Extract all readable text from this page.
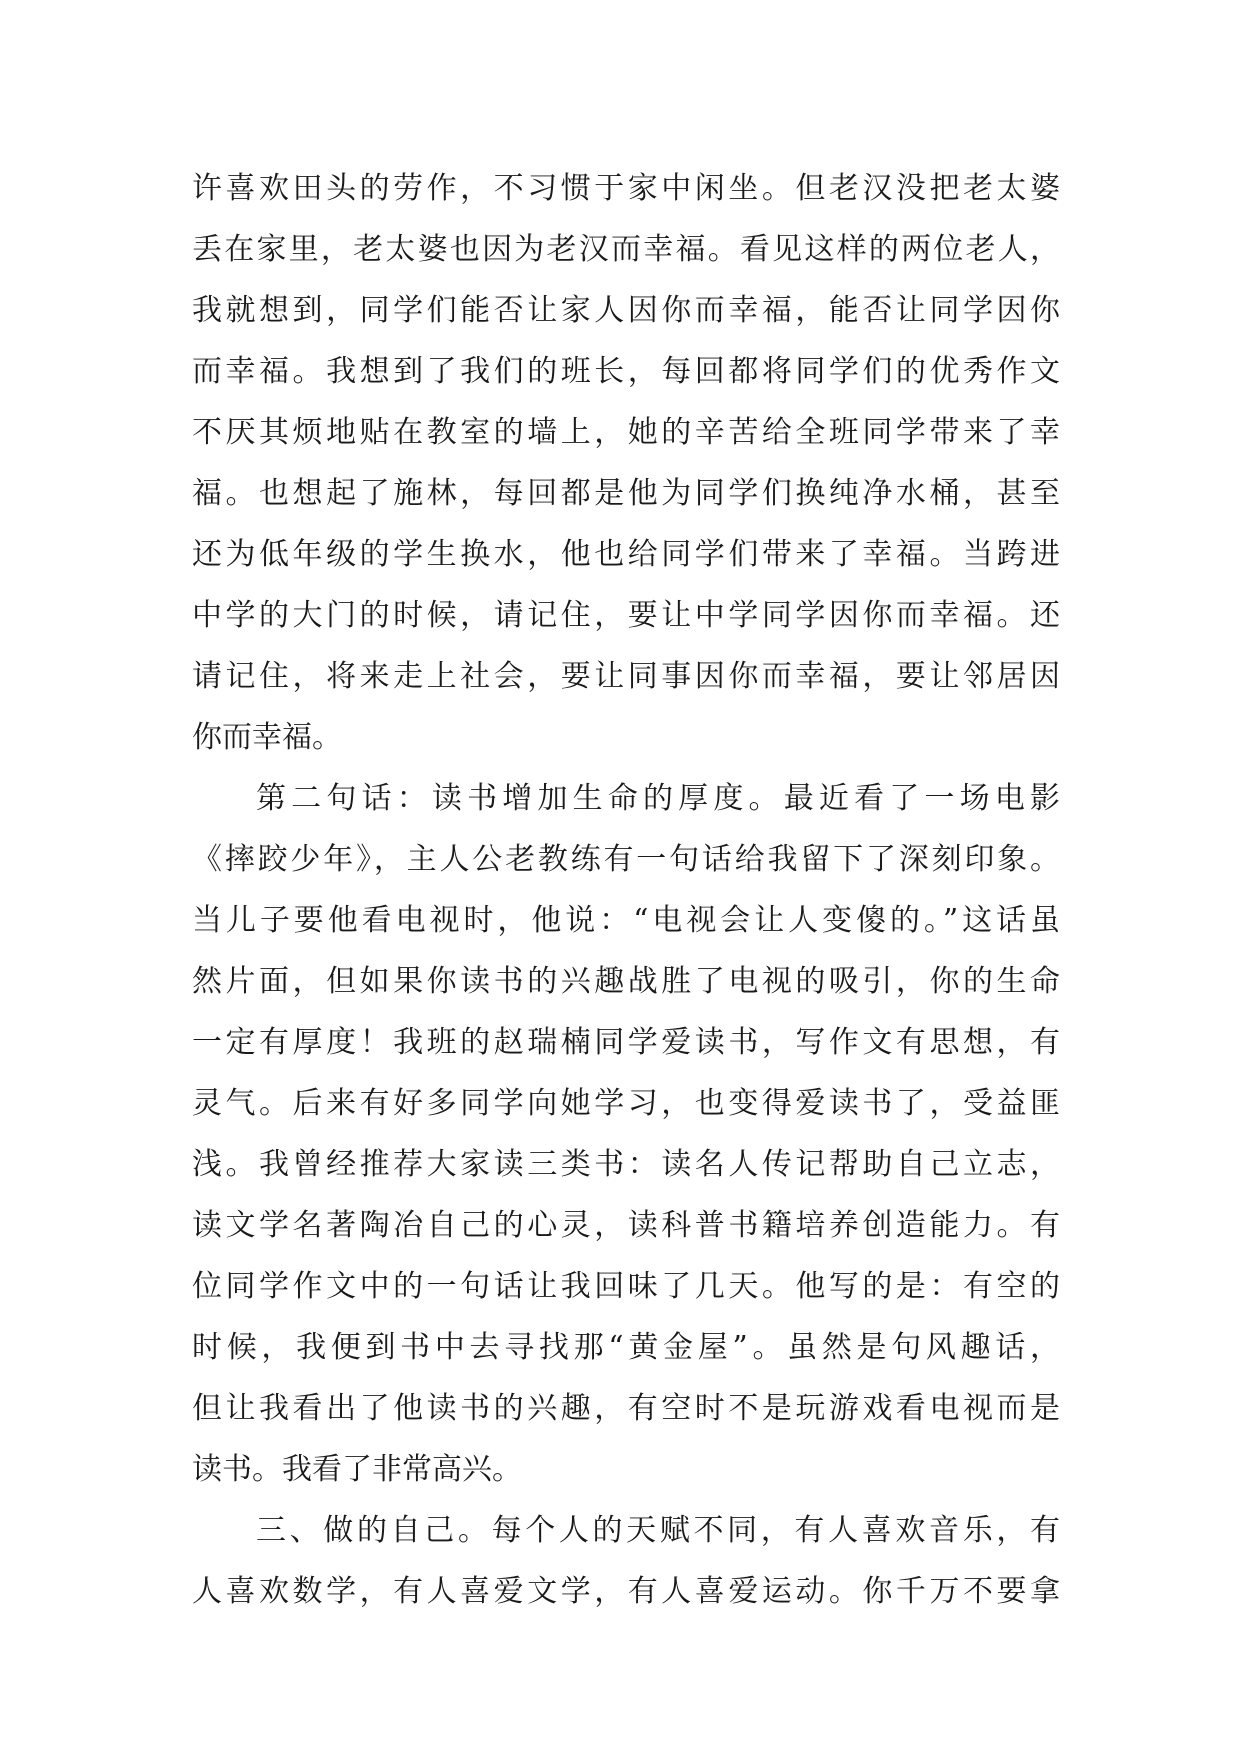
许喜欢田头的劳作，不习惯于家中闲坐。但老汉没把老太婆
丢在家里，老太婆也因为老汉而幸福。看见这样的两位老人，
我就想到，同学们能否让家人因你而幸福，能否让同学因你
而幸福。我想到了我们的班长，每回都将同学们的优秀作文
不厌其烦地贴在教室的墙上，她的辛苦给全班同学带来了幸
福。也想起了施林，每回都是他为同学们换纯净水桶，甚至
还为低年级的学生换水，他也给同学们带来了幸福。当跨进
中学的大门的时候，请记住，要让中学同学因你而幸福。还
请记住，将来走上社会，要让同事因你而幸福，要让邻居因
你而幸福。
第二句话：读书增加生命的厚度。最近看了一场电影
《摔跤少年》，主人公老教练有一句话给我留下了深刻印象。
当儿子要他看电视时，他说：“电视会让人变傻的。”这话虽
然片面，但如果你读书的兴趣战胜了电视的吸引，你的生命
一定有厚度！我班的赵瑞楠同学爱读书，写作文有思想，有
灵气。后来有好多同学向她学习，也变得爱读书了，受益匪
浅。我曾经推荐大家读三类书：读名人传记帮助自己立志，
读文学名著陶冶自己的心灵，读科普书籍培养创造能力。有
位同学作文中的一句话让我回味了几天。他写的是：有空的
时候，我便到书中去寻找那“黄金屋”。虽然是句风趣话，
但让我看出了他读书的兴趣，有空时不是玩游戏看电视而是
读书。我看了非常高兴。
三、做的自己。每个人的天赋不同，有人喜欢音乐，有
人喜欢数学，有人喜爱文学，有人喜爱运动。你千万不要拿
